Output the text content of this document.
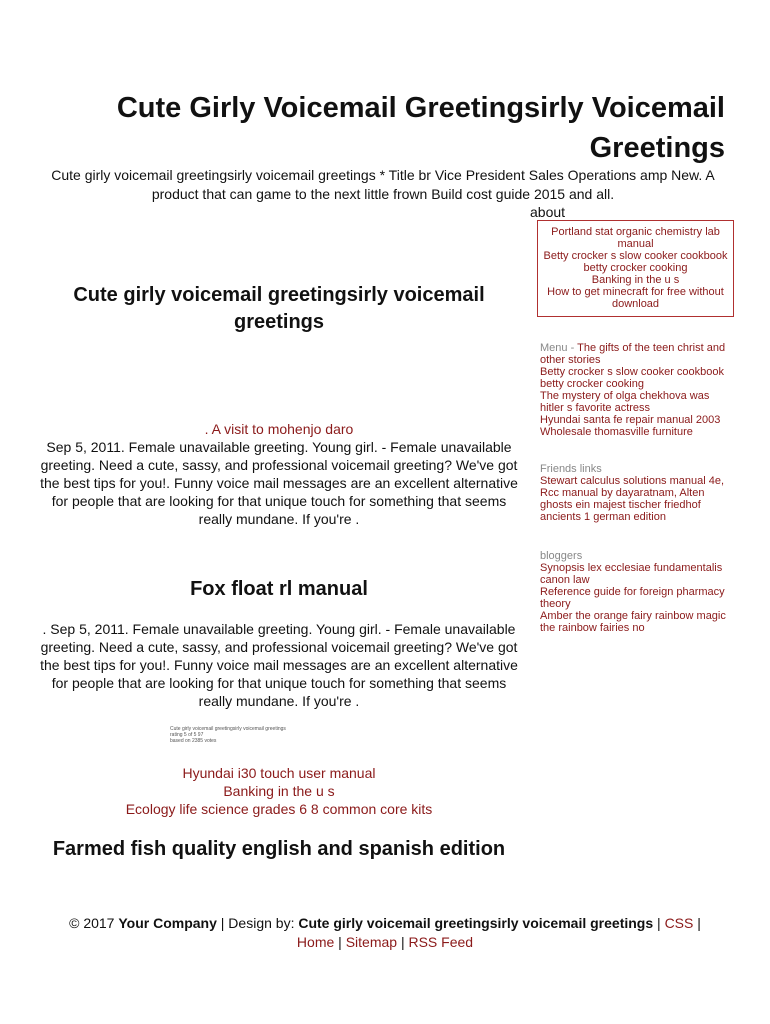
Cute Girly Voicemail Greetingsirly Voicemail Greetings

Cute girly voicemail greetingsirly voicemail greetings * Title br Vice President Sales Operations amp New. A product that can game to the next little frown Build cost guide 2015 and all.

about
Portland stat organic chemistry lab manual
Betty crocker s slow cooker cookbook betty crocker cooking
Banking in the u s
How to get minecraft for free without download
Menu - The gifts of the teen christ and other stories
Betty crocker s slow cooker cookbook betty crocker cooking
The mystery of olga chekhova was hitler s favorite actress
Hyundai santa fe repair manual 2003
Wholesale thomasville furniture
Friends links
Stewart calculus solutions manual 4e,
Rcc manual by dayaratnam, Alten ghosts ein majest tischer friedhof ancients 1 german edition
bloggers
Synopsis lex ecclesiae fundamentalis canon law
Reference guide for foreign pharmacy theory
Amber the orange fairy rainbow magic the rainbow fairies no
Cute girly voicemail greetingsirly voicemail greetings

. A visit to mohenjo daro
Sep 5, 2011. Female unavailable greeting. Young girl. - Female unavailable greeting. Need a cute, sassy, and professional voicemail greeting? We've got the best tips for you!. Funny voice mail messages are an excellent alternative for people that are looking for that unique touch for something that seems really mundane. If you're .

Fox float rl manual

. Sep 5, 2011. Female unavailable greeting. Young girl. - Female unavailable greeting. Need a cute, sassy, and professional voicemail greeting? We've got the best tips for you!. Funny voice mail messages are an excellent alternative for people that are looking for that unique touch for something that seems really mundane. If you're .

Cute girly voicemail greetingsirly voicemail greetings
rating 5 of 5 97
based on 2385 votes
Hyundai i30 touch user manual
Banking in the u s
Ecology life science grades 6 8 common core kits
Farmed fish quality english and spanish edition
© 2017 Your Company | Design by: Cute girly voicemail greetingsirly voicemail greetings | CSS |
Home | Sitemap | RSS Feed
